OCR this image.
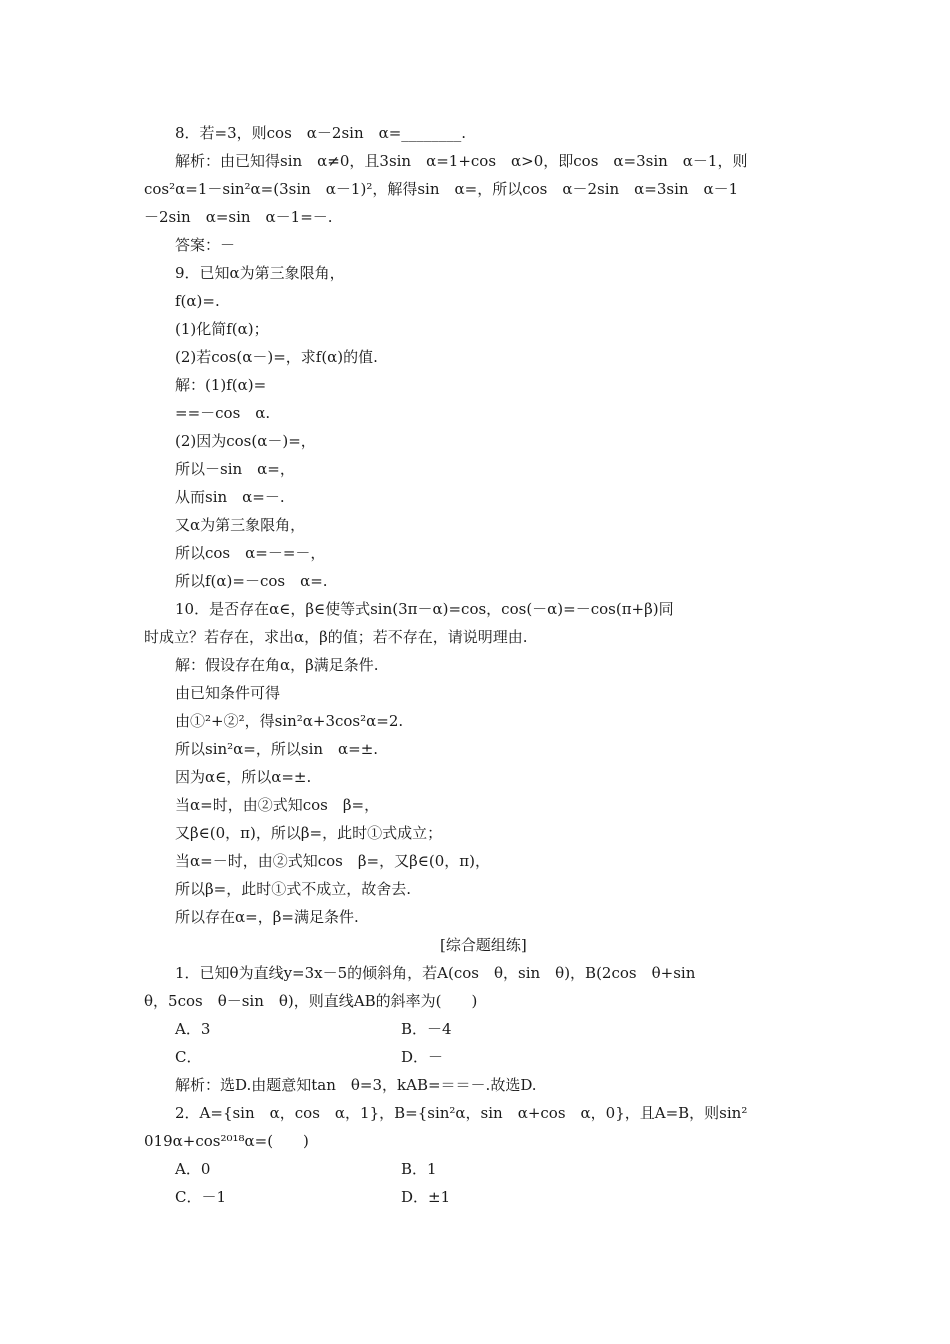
8．若=3，则cos　α－2sin　α=________.
解析：由已知得sin　α≠0，且3sin　α=1+cos　α>0，即cos　α=3sin　α－1，则
cos²α=1－sin²α=(3sin　α－1)²，解得sin　α=，所以cos　α－2sin　α=3sin　α－1
－2sin　α=sin　α－1=－.
答案：－
9．已知α为第三象限角，
f(α)=.
(1)化简f(α)；
(2)若cos(α－)=，求f(α)的值.
解：(1)f(α)=
==－cos　α.
(2)因为cos(α－)=，
所以－sin　α=，
从而sin　α=－.
又α为第三象限角，
所以cos　α=－=－，
所以f(α)=－cos　α=.
10．是否存在α∈，β∈使等式sin(3π－α)=cos，cos(－α)=－cos(π+β)同
时成立？若存在，求出α，β的值；若不存在，请说明理由.
解：假设存在角α，β满足条件.
由已知条件可得
由①²+②²，得sin²α+3cos²α=2.
所以sin²α=，所以sin　α=±.
因为α∈，所以α=±.
当α=时，由②式知cos　β=，
又β∈(0，π)，所以β=，此时①式成立；
当α=－时，由②式知cos　β=，又β∈(0，π)，
所以β=，此时①式不成立，故舍去.
所以存在α=，β=满足条件.
[综合题组练]
1．已知θ为直线y=3x－5的倾斜角，若A(cos　θ，sin　θ)，B(2cos　θ+sin
θ，5cos　θ－sin　θ)，则直线AB的斜率为(　　)
A．3	B．－4
C．	D．－
解析：选D.由题意知tan　θ=3，kAB=＝＝－.故选D.
2．A={sin　α，cos　α，1}，B={sin²α，sin　α+cos　α，0}，且A=B，则sin²
019α+cos²⁰¹⁸α=(　　)
A．0	B．1
C．－1	D．±1
